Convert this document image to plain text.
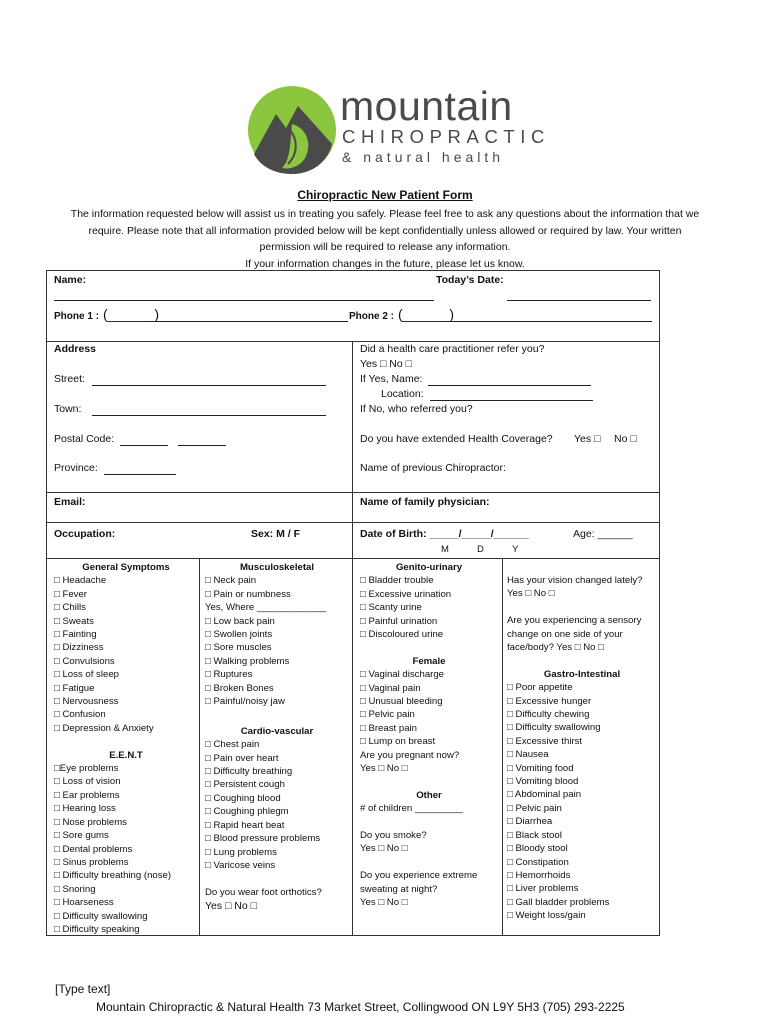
mountain
CHIROPRACTIC
& natural health
Chiropractic New Patient Form
The information requested below will assist us in treating you safely. Please feel free to ask any questions about the information that we
require. Please note that all information provided below will be kept confidentially unless allowed or required by law. Your written
permission will be required to release any information.
If your information changes in the future, please let us know.
Name:	Today’s Date:
Phone 1 : (______)	Phone 2 : (______)
Address
Street:
Town:
Postal Code:
Province:
Did a health care practitioner refer you?
Yes □ No □
If Yes, Name:
Location:
If No, who referred you?
Do you have extended Health Coverage? Yes □ No □
Name of previous Chiropractor:
Email:	Name of family physician:
Occupation:	Sex: M / F	Date of Birth: _____/_____/______
M	D	Y
Age: ______
General Symptoms
□ Headache
□ Fever
□ Chills
□ Sweats
□ Fainting
□ Dizziness
□ Convulsions
□ Loss of sleep
□ Fatigue
□ Nervousness
□ Confusion
□ Depression & Anxiety
E.E.N.T
□Eye problems
□ Loss of vision
□ Ear problems
□ Hearing loss
□ Nose problems
□ Sore gums
□ Dental problems
□ Sinus problems
□ Difficulty breathing (nose)
□ Snoring
□ Hoarseness
□ Difficulty swallowing
□ Difficulty speaking
Musculoskeletal
□ Neck pain
□ Pain or numbness
Yes, Where _____________
□ Low back pain
□ Swollen joints
□ Sore muscles
□ Walking problems
□ Ruptures
□ Broken Bones
□ Painful/noisy jaw
Cardio-vascular
□ Chest pain
□ Pain over heart
□ Difficulty breathing
□ Persistent cough
□ Coughing blood
□ Coughing phlegm
□ Rapid heart beat
□ Blood pressure problems
□ Lung problems
□ Varicose veins
Do you wear foot orthotics?
Yes □ No □
Genito-urinary
□ Bladder trouble
□ Excessive urination
□ Scanty urine
□ Painful urination
□ Discoloured urine
Female
□ Vaginal discharge
□ Vaginal pain
□ Unusual bleeding
□ Pelvic pain
□ Breast pain
□ Lump on breast
Are you pregnant now?
Yes □ No □
Other
# of children _________
Do you smoke?
Yes □ No □
Do you experience extreme sweating at night?
Yes □ No □
Has your vision changed lately?
Yes □ No □
Are you experiencing a sensory change on one side of your face/body? Yes □ No □
Gastro-Intestinal
□ Poor appetite
□ Excessive hunger
□ Difficulty chewing
□ Difficulty swallowing
□ Excessive thirst
□ Nausea
□ Vomiting food
□ Vomiting blood
□ Abdominal pain
□ Pelvic pain
□ Diarrhea
□ Black stool
□ Bloody stool
□ Constipation
□ Hemorrhoids
□ Liver problems
□ Gall bladder problems
□ Weight loss/gain
[Type text]
Mountain Chiropractic & Natural Health 73 Market Street, Collingwood ON L9Y 5H3 (705) 293-2225
